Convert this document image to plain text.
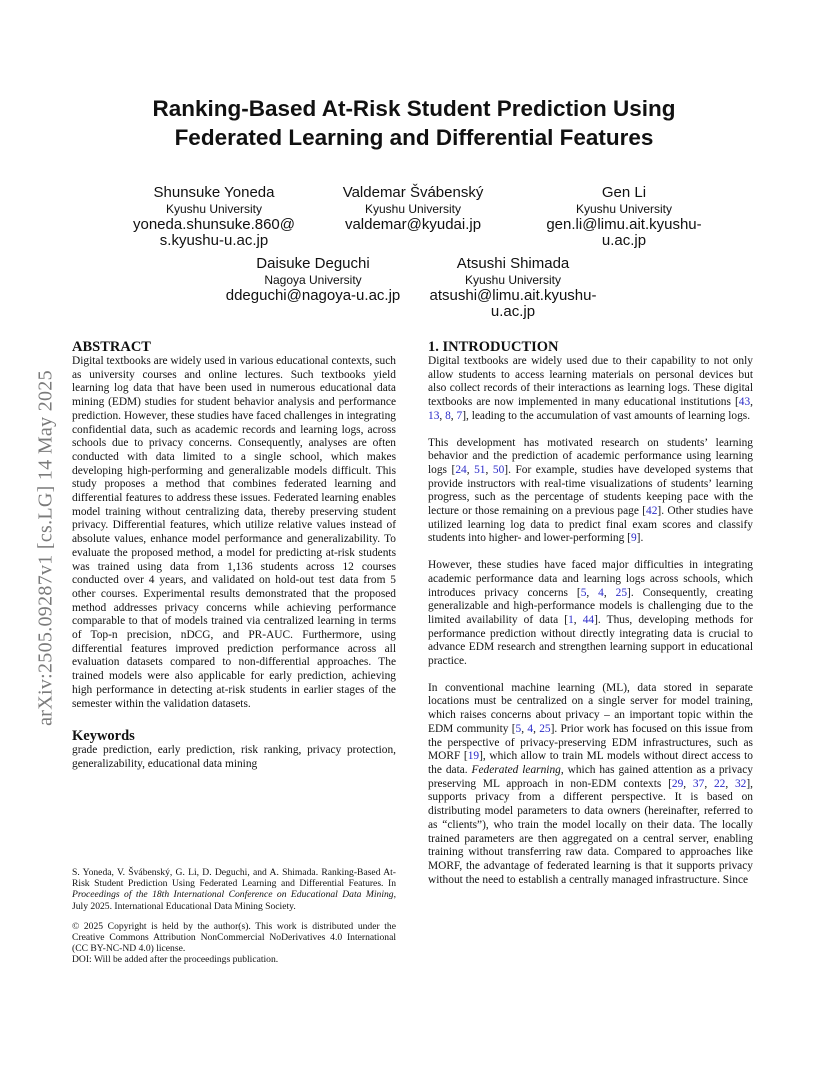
arXiv:2505.09287v1 [cs.LG] 14 May 2025
Ranking-Based At-Risk Student Prediction Using
Federated Learning and Differential Features
Shunsuke Yoneda
Kyushu University
yoneda.shunsuke.860@
s.kyushu-u.ac.jp
Valdemar Švábenský
Kyushu University
valdemar@kyudai.jp
Gen Li
Kyushu University
gen.li@limu.ait.kyushu-
u.ac.jp
Daisuke Deguchi
Nagoya University
ddeguchi@nagoya-u.ac.jp
Atsushi Shimada
Kyushu University
atsushi@limu.ait.kyushu-
u.ac.jp
ABSTRACT

Digital textbooks are widely used in various educational contexts, such as university courses and online lectures. Such textbooks yield learning log data that have been used in numerous educational data mining (EDM) studies for student behavior analysis and performance prediction. However, these studies have faced challenges in integrating confidential data, such as academic records and learning logs, across schools due to privacy concerns. Consequently, analyses are often conducted with data limited to a single school, which makes developing high-performing and generalizable models difficult. This study proposes a method that combines federated learning and differential features to address these issues. Federated learning enables model training without centralizing data, thereby preserving student privacy. Differential features, which utilize relative values instead of absolute values, enhance model performance and generalizability. To evaluate the proposed method, a model for predicting at-risk students was trained using data from 1,136 students across 12 courses conducted over 4 years, and validated on hold-out test data from 5 other courses. Experimental results demonstrated that the proposed method addresses privacy concerns while achieving performance comparable to that of models trained via centralized learning in terms of Top-n precision, nDCG, and PR-AUC. Furthermore, using differential features improved prediction performance across all evaluation datasets compared to non-differential approaches. The trained models were also applicable for early prediction, achieving high performance in detecting at-risk students in earlier stages of the semester within the validation datasets.

Keywords

grade prediction, early prediction, risk ranking, privacy protection, generalizability, educational data mining

S. Yoneda, V. Švábenský, G. Li, D. Deguchi, and A. Shimada. Ranking-Based At-Risk Student Prediction Using Federated Learning and Differential Features. In Proceedings of the 18th International Conference on Educational Data Mining, July 2025. International Educational Data Mining Society.

© 2025 Copyright is held by the author(s). This work is distributed under the Creative Commons Attribution NonCommercial NoDerivatives 4.0 International (CC BY-NC-ND 4.0) license.

DOI: Will be added after the proceedings publication.

1. INTRODUCTION

Digital textbooks are widely used due to their capability to not only allow students to access learning materials on personal devices but also collect records of their interactions as learning logs. These digital textbooks are now implemented in many educational institutions [43, 13, 8, 7], leading to the accumulation of vast amounts of learning logs.

This development has motivated research on students’ learning behavior and the prediction of academic performance using learning logs [24, 51, 50]. For example, studies have developed systems that provide instructors with real-time visualizations of students’ learning progress, such as the percentage of students keeping pace with the lecture or those remaining on a previous page [42]. Other studies have utilized learning log data to predict final exam scores and classify students into higher- and lower-performing [9].

However, these studies have faced major difficulties in integrating academic performance data and learning logs across schools, which introduces privacy concerns [5, 4, 25]. Consequently, creating generalizable and high-performance models is challenging due to the limited availability of data [1, 44]. Thus, developing methods for performance prediction without directly integrating data is crucial to advance EDM research and strengthen learning support in educational practice.

In conventional machine learning (ML), data stored in separate locations must be centralized on a single server for model training, which raises concerns about privacy – an important topic within the EDM community [5, 4, 25]. Prior work has focused on this issue from the perspective of privacy-preserving EDM infrastructures, such as MORF [19], which allow to train ML models without direct access to the data. Federated learning, which has gained attention as a privacy preserving ML approach in non-EDM contexts [29, 37, 22, 32], supports privacy from a different perspective. It is based on distributing model parameters to data owners (hereinafter, referred to as “clients”), who train the model locally on their data. The locally trained parameters are then aggregated on a central server, enabling training without transferring raw data. Compared to approaches like MORF, the advantage of federated learning is that it supports privacy without the need to establish a centrally managed infrastructure. Since
